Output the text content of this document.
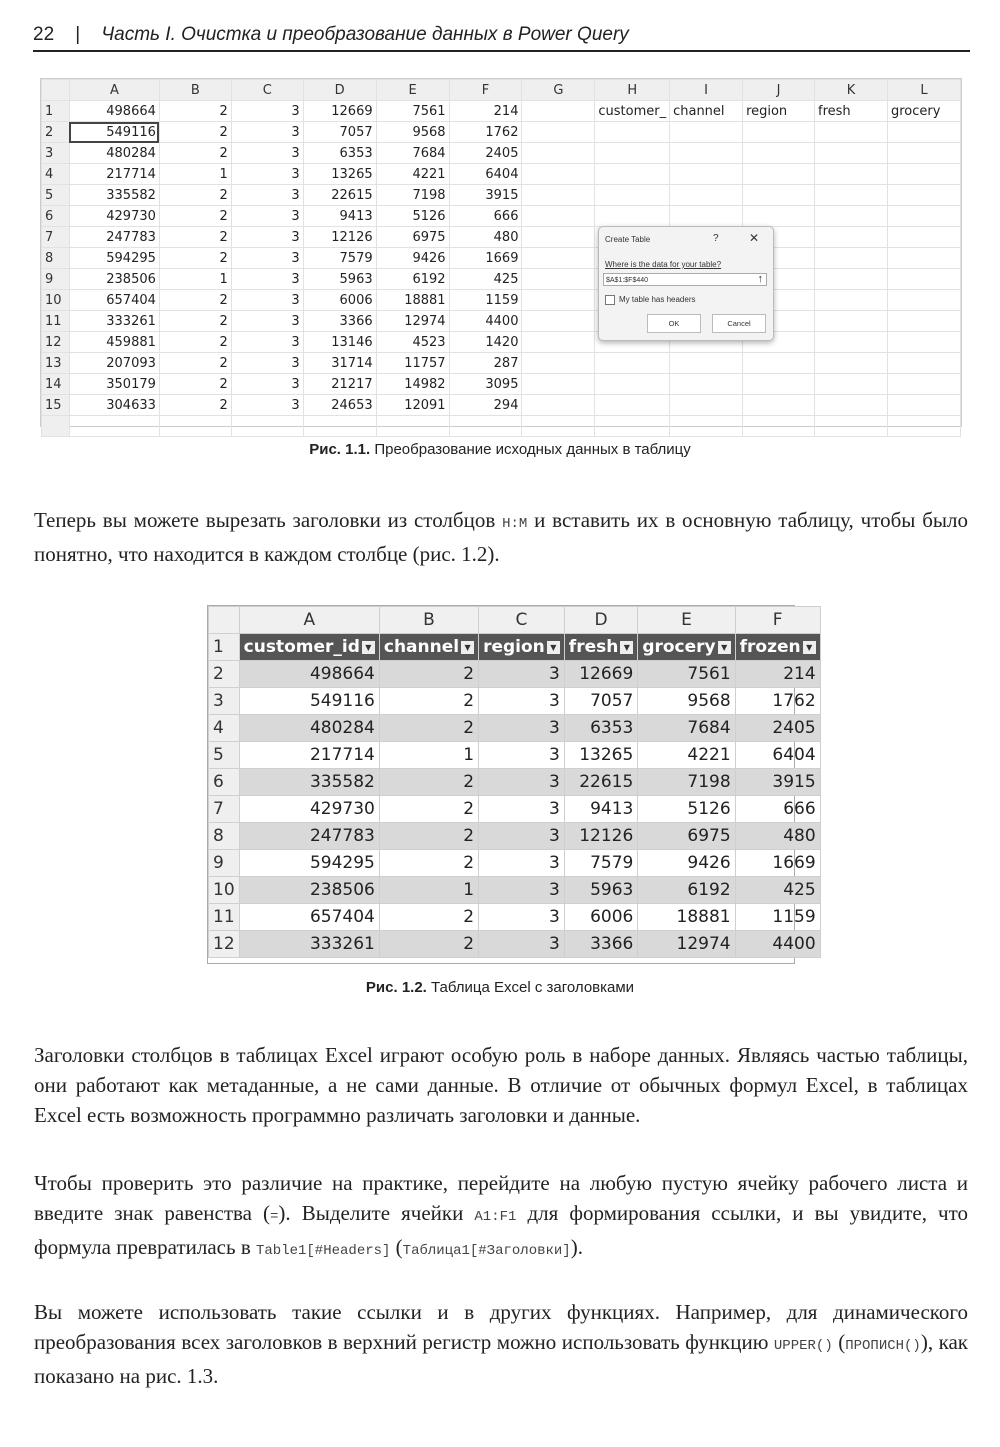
22 | Часть I. Очистка и преобразование данных в Power Query
	A	B	C	D	E	F	G	H	I	J	K	L
1	498664	2	3	12669	7561	214		customer_	channel	region	fresh	grocery
2	549116	2	3	7057	9568	1762						
3	480284	2	3	6353	7684	2405						
4	217714	1	3	13265	4221	6404						
5	335582	2	3	22615	7198	3915						
6	429730	2	3	9413	5126	666						
7	247783	2	3	12126	6975	480						
8	594295	2	3	7579	9426	1669						
9	238506	1	3	5963	6192	425						
10	657404	2	3	6006	18881	1159						
11	333261	2	3	3366	12974	4400						
12	459881	2	3	13146	4523	1420						
13	207093	2	3	31714	11757	287						
14	350179	2	3	21217	14982	3095						
15	304633	2	3	24653	12091	294						

Create Table	?	✕
Where is the data for your table?
$A$1:$F$440	↑
My table has headers
OK	Cancel
Рис. 1.1. Преобразование исходных данных в таблицу
Теперь вы можете вырезать заголовки из столбцов H:M и вставить их в основную таблицу, чтобы было понятно, что находится в каждом столбце (рис. 1.2).
	A	B	C	D	E	F
1	customer_id ▼	channel ▼	region ▼	fresh ▼	grocery ▼	frozen ▼
2	498664	2	3	12669	7561	214
3	549116	2	3	7057	9568	1762
4	480284	2	3	6353	7684	2405
5	217714	1	3	13265	4221	6404
6	335582	2	3	22615	7198	3915
7	429730	2	3	9413	5126	666
8	247783	2	3	12126	6975	480
9	594295	2	3	7579	9426	1669
10	238506	1	3	5963	6192	425
11	657404	2	3	6006	18881	1159
12	333261	2	3	3366	12974	4400
Рис. 1.2. Таблица Excel с заголовками
Заголовки столбцов в таблицах Excel играют особую роль в наборе данных. Являясь частью таблицы, они работают как метаданные, а не сами данные. В отличие от обычных формул Excel, в таблицах Excel есть возможность программно различать заголовки и данные.
Чтобы проверить это различие на практике, перейдите на любую пустую ячейку рабочего листа и введите знак равенства (=). Выделите ячейки A1:F1 для формирования ссылки, и вы увидите, что формула превратилась в Table1[#Headers] (Таблица1[#Заголовки]).
Вы можете использовать такие ссылки и в других функциях. Например, для динамического преобразования всех заголовков в верхний регистр можно использовать функцию UPPER() (ПРОПИСН()), как показано на рис. 1.3.
